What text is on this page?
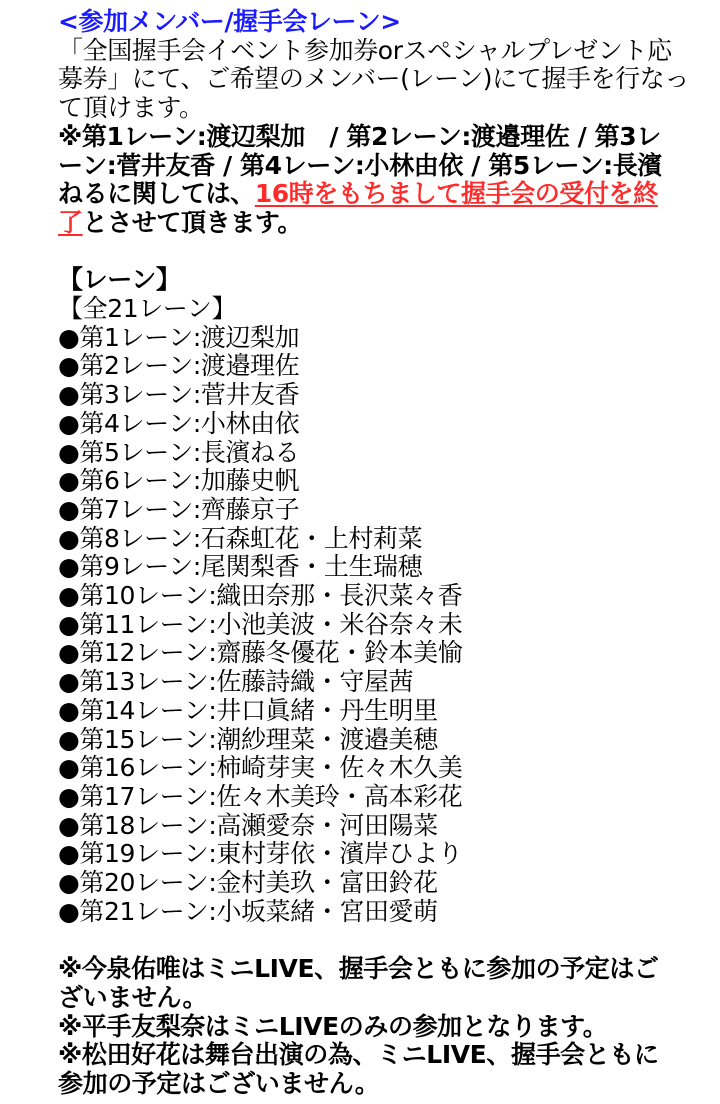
<参加メンバー/握手会レーン>
「全国握手会イベント参加券orスペシャルプレゼント応
募券」にて、ご希望のメンバー(レーン)にて握手を行なっ
て頂けます。
※第1レーン:渡辺梨加　/ 第2レーン:渡邉理佐 / 第3レ
ーン:菅井友香 / 第4レーン:小林由依 / 第5レーン:長濱
ねるに関しては、16時をもちまして握手会の受付を終
了とさせて頂きます。
【レーン】
【全21レーン】
●第1レーン:渡辺梨加
●第2レーン:渡邉理佐
●第3レーン:菅井友香
●第4レーン:小林由依
●第5レーン:長濱ねる
●第6レーン:加藤史帆
●第7レーン:齊藤京子
●第8レーン:石森虹花・上村莉菜
●第9レーン:尾関梨香・土生瑞穂
●第10レーン:織田奈那・長沢菜々香
●第11レーン:小池美波・米谷奈々未
●第12レーン:齋藤冬優花・鈴本美愉
●第13レーン:佐藤詩織・守屋茜
●第14レーン:井口眞緒・丹生明里
●第15レーン:潮紗理菜・渡邉美穂
●第16レーン:柿崎芽実・佐々木久美
●第17レーン:佐々木美玲・高本彩花
●第18レーン:高瀬愛奈・河田陽菜
●第19レーン:東村芽依・濱岸ひより
●第20レーン:金村美玖・富田鈴花
●第21レーン:小坂菜緒・宮田愛萌
※今泉佑唯はミニLIVE、握手会ともに参加の予定はご
ざいません。
※平手友梨奈はミニLIVEのみの参加となります。
※松田好花は舞台出演の為、ミニLIVE、握手会ともに
参加の予定はございません。
